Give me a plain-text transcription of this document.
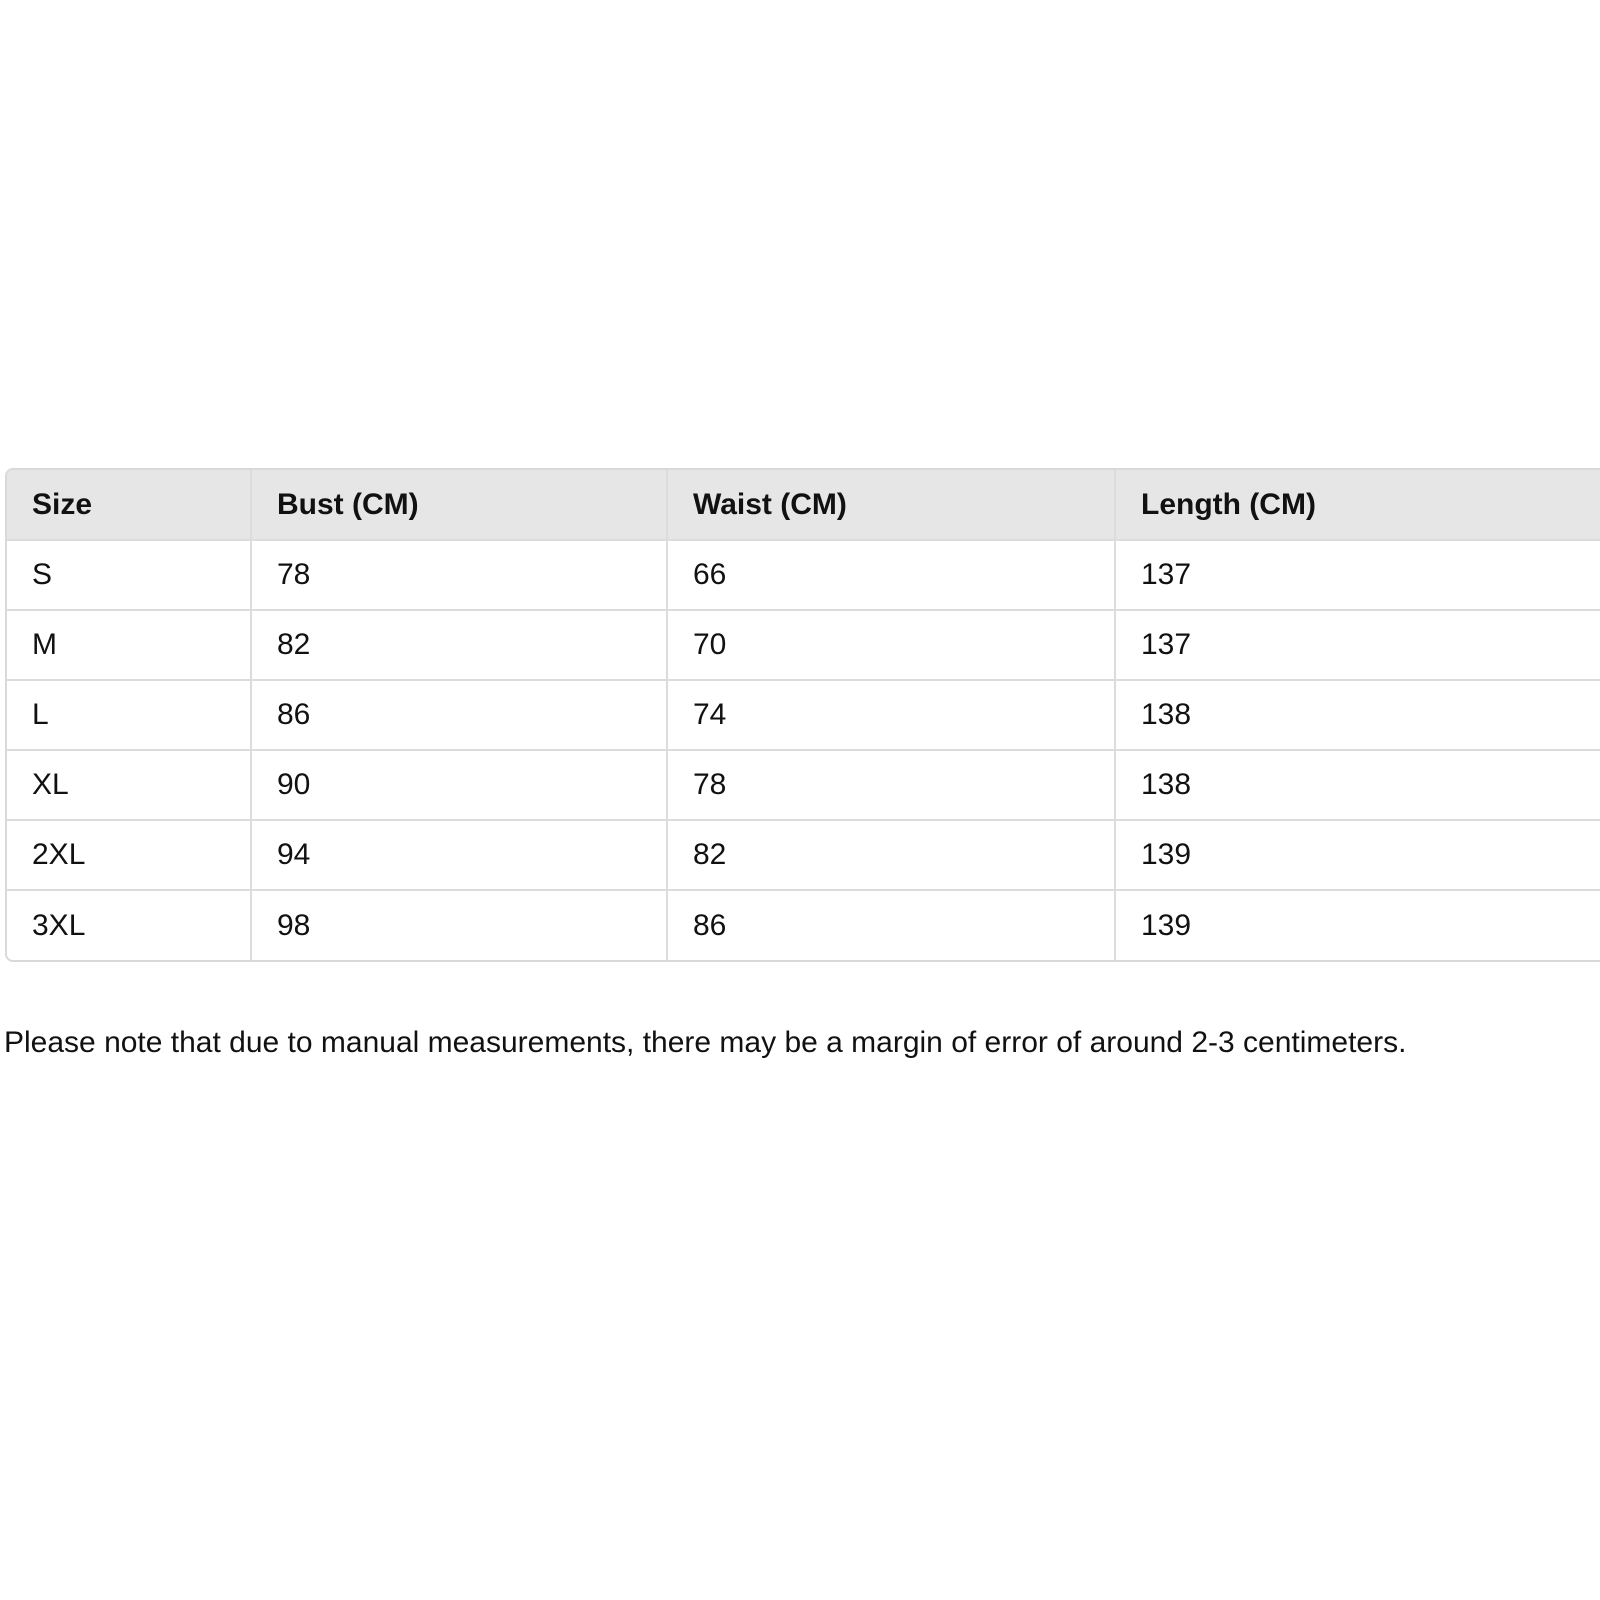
Size	Bust (CM)	Waist (CM)	Length (CM)
S	78	66	137
M	82	70	137
L	86	74	138
XL	90	78	138
2XL	94	82	139
3XL	98	86	139

Please note that due to manual measurements, there may be a margin of error of around 2-3 centimeters.
